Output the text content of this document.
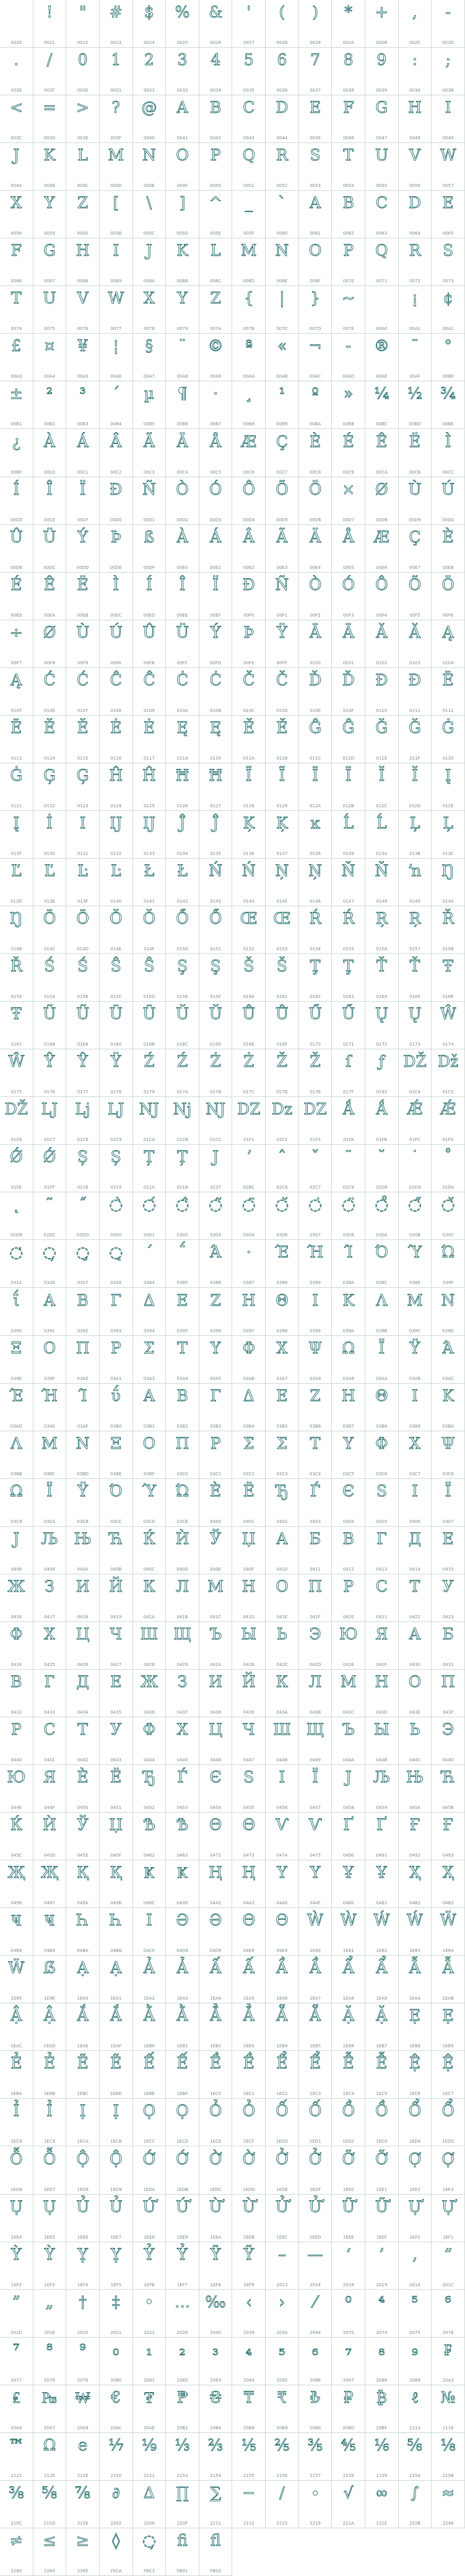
0020
!
0021
"
0022
#
0023
$
0024
%
0025
&
0026
'
0027
(
0028
)
0029
*
002A
+
002B
,
002C
-
002D
.
002E
/
002F
0
0030
1
0031
2
0032
3
0033
4
0034
5
0035
6
0036
7
0037
8
0038
9
0039
:
003A
;
003B
<
003C
=
003D
>
003E
?
003F
@
0040
A
0041
B
0042
C
0043
D
0044
E
0045
F
0046
G
0047
H
0048
I
0049
J
004A
K
004B
L
004C
M
004D
N
004E
O
004F
P
0050
Q
0051
R
0052
S
0053
T
0054
U
0055
V
0056
W
0057
X
0058
Y
0059
Z
005A
[
005B
\
005C
]
005D
^
005E
_
005F
`
0060
A
0061
B
0062
C
0063
D
0064
E
0065
F
0066
G
0067
H
0068
I
0069
J
006A
K
006B
L
006C
M
006D
N
006E
O
006F
P
0070
Q
0071
R
0072
S
0073
T
0074
U
0075
V
0076
W
0077
X
0078
Y
0079
Z
007A
{
007B
|
007C
}
007D
~
007E	00A0
¡
00A1
¢
00A2
£
00A3
¤
00A4
¥
00A5
¦
00A6
§
00A7
¨
00A8
©
00A9
ª
00AA
«
00AB
¬
00AC
-
00AD
®
00AE
¯
00AF
°
00B0
±
00B1
²
00B2
³
00B3
´
00B4
µ
00B5
¶
00B6
·
00B7
¸
00B8
¹
00B9
º
00BA
»
00BB
¼
00BC
½
00BD
¾
00BE
¿
00BF
À
00C0
Á
00C1
Â
00C2
Ã
00C3
Ä
00C4
Å
00C5
Æ
00C6
Ç
00C7
È
00C8
É
00C9
Ê
00CA
Ë
00CB
Ì
00CC
Í
00CD
Î
00CE
Ï
00CF
Ð
00D0
Ñ
00D1
Ò
00D2
Ó
00D3
Ô
00D4
Õ
00D5
Ö
00D6
×
00D7
Ø
00D8
Ù
00D9
Ú
00DA
Û
00DB
Ü
00DC
Ý
00DD
Þ
00DE
ß
00DF
À
00E0
Á
00E1
Â
00E2
Ã
00E3
Ä
00E4
Å
00E5
Æ
00E6
Ç
00E7
È
00E8
É
00E9
Ê
00EA
Ë
00EB
Ì
00EC
Í
00ED
Î
00EE
Ï
00EF
Ð
00F0
Ñ
00F1
Ò
00F2
Ó
00F3
Ô
00F4
Õ
00F5
Ö
00F6
÷
00F7
Ø
00F8
Ù
00F9
Ú
00FA
Û
00FB
Ü
00FC
Ý
00FD
Þ
00FE
Ÿ
00FF
Ā
0100
Ā
0101
Ă
0102
Ă
0103
Ą
0104
Ą
0105
Ć
0106
Ć
0107
Ĉ
0108
Ĉ
0109
Ċ
010A
Ċ
010B
Č
010C
Č
010D
Ď
010E
Ď
010F
Đ
0110
Đ
0111
Ē
0112
Ē
0113
Ĕ
0114
Ĕ
0115
Ė
0116
Ė
0117
Ę
0118
Ę
0119
Ě
011A
Ě
011B
Ĝ
011C
Ĝ
011D
Ğ
011E
Ğ
011F
Ġ
0120
Ġ
0121
Ģ
0122
Ģ
0123
Ĥ
0124
Ĥ
0125
Ħ
0126
Ħ
0127
Ĩ
0128
Ĩ
0129
Ī
012A
Ī
012B
Ĭ
012C
Ĭ
012D
Į
012E
Į
012F
İ
0130
I
0131
Ĳ
0132
Ĳ
0133
Ĵ
0134
Ĵ
0135
Ķ
0136
Ķ
0137
ĸ
0138
Ĺ
0139
Ĺ
013A
Ļ
013B
Ļ
013C
Ľ
013D
Ľ
013E
Ŀ
013F
Ŀ
0140
Ł
0141
Ł
0142
Ń
0143
Ń
0144
Ņ
0145
Ņ
0146
Ň
0147
Ň
0148
ŉ
0149
Ŋ
014A
Ŋ
014B
Ō
014C
Ō
014D
Ŏ
014E
Ŏ
014F
Ő
0150
Ő
0151
Œ
0152
Œ
0153
Ŕ
0154
Ŕ
0155
Ŗ
0156
Ŗ
0157
Ř
0158
Ř
0159
Ś
015A
Ś
015B
Ŝ
015C
Ŝ
015D
Ş
015E
Ş
015F
Š
0160
Š
0161
Ţ
0162
Ţ
0163
Ť
0164
Ť
0165
Ŧ
0166
Ŧ
0167
Ũ
0168
Ũ
0169
Ū
016A
Ū
016B
Ŭ
016C
Ŭ
016D
Ů
016E
Ů
016F
Ű
0170
Ű
0171
Ų
0172
Ų
0173
Ŵ
0174
Ŵ
0175
Ŷ
0176
Ŷ
0177
Ÿ
0178
Ź
0179
Ź
017A
Ż
017B
Ż
017C
Ž
017D
Ž
017E
ſ
017F
ƒ
0192
Ǆ
01C4
ǅ
01C5
Ǆ
01C6
Ǉ
01C7
ǈ
01C8
Ǉ
01C9
Ǌ
01CA
ǋ
01CB
Ǌ
01CC
Ǳ
01F1
ǲ
01F2
Ǳ
01F3
Ǻ
01FA
Ǻ
01FB
Ǽ
01FC
Ǽ
01FD
Ǿ
01FE
Ǿ
01FF
Ș
0218
Ș
0219
Ț
021A
Ț
021B
J
0237
ʼ
02BC
ˆ
02C6
ˇ
02C7
ˉ
02C9
˘
02D8
˙
02D9
˚
02DA
˛
02DB
˜
02DC
˝
02DD
◌̀
0300
◌́
0301
◌̂
0302
◌̃
0303
◌̄
0304
◌̆
0306
◌̇
0307
◌̈
0308
◌̊
030A
◌̋
030B
◌̌
030C
◌̒
0312
◌̦
0326
◌̧
0327
◌̨
0328
΄
0384
΅
0385
Ά
0386
·
0387
Έ
0388
Ή
0389
Ί
038A
Ό
038C
Ύ
038E
Ώ
038F
ΐ
0390
Α
0391
Β
0392
Γ
0393
Δ
0394
Ε
0395
Ζ
0396
Η
0397
Θ
0398
Ι
0399
Κ
039A
Λ
039B
Μ
039C
Ν
039D
Ξ
039E
Ο
039F
Π
03A0
Ρ
03A1
Σ
03A3
Τ
03A4
Υ
03A5
Φ
03A6
Χ
03A7
Ψ
03A8
Ω
03A9
Ϊ
03AA
Ϋ
03AB
Ά
03AC
Έ
03AD
Ή
03AE
Ί
03AF
ΰ
03B0
Α
03B1
Β
03B2
Γ
03B3
Δ
03B4
Ε
03B5
Ζ
03B6
Η
03B7
Θ
03B8
Ι
03B9
Κ
03BA
Λ
03BB
Μ
03BC
Ν
03BD
Ξ
03BE
Ο
03BF
Π
03C0
Ρ
03C1
Σ
03C2
Σ
03C3
Τ
03C4
Υ
03C5
Φ
03C6
Χ
03C7
Ψ
03C8
Ω
03C9
Ϊ
03CA
Ϋ
03CB
Ό
03CC
Ύ
03CD
Ώ
03CE
Ѐ
0400
Ё
0401
Ђ
0402
Ѓ
0403
Є
0404
Ѕ
0405
І
0406
Ї
0407
Ј
0408
Љ
0409
Њ
040A
Ћ
040B
Ќ
040C
Ѝ
040D
Ў
040E
Џ
040F
А
0410
Б
0411
В
0412
Г
0413
Д
0414
Е
0415
Ж
0416
З
0417
И
0418
Й
0419
К
041A
Л
041B
М
041C
Н
041D
О
041E
П
041F
Р
0420
С
0421
Т
0422
У
0423
Ф
0424
Х
0425
Ц
0426
Ч
0427
Ш
0428
Щ
0429
Ъ
042A
Ы
042B
Ь
042C
Э
042D
Ю
042E
Я
042F
А
0430
Б
0431
В
0432
Г
0433
Д
0434
Е
0435
Ж
0436
З
0437
И
0438
Й
0439
К
043A
Л
043B
М
043C
Н
043D
О
043E
П
043F
Р
0440
С
0441
Т
0442
У
0443
Ф
0444
Х
0445
Ц
0446
Ч
0447
Ш
0448
Щ
0449
Ъ
044A
Ы
044B
Ь
044C
Э
044D
Ю
044E
Я
044F
Ѐ
0450
Ё
0451
Ђ
0452
Ѓ
0453
Є
0454
Ѕ
0455
І
0456
Ї
0457
Ј
0458
Љ
0459
Њ
045A
Ћ
045B
Ќ
045C
Ѝ
045D
Ў
045E
Џ
045F
Ѣ
0462
Ѣ
0463
Ѳ
0472
Ѳ
0473
Ѵ
0474
Ѵ
0475
Ґ
0490
Ґ
0491
Ғ
0492
Ғ
0493
Җ
0496
Җ
0497
Қ
049A
Қ
049B
Ҝ
049C
Ҝ
049D
Ң
04A2
Ң
04A3
Ү
04AE
Ү
04AF
Ұ
04B0
Ұ
04B1
Ҳ
04B2
Ҳ
04B3
Ҹ
04B8
Ҹ
04B9
Һ
04BA
Һ
04BB
Ӏ
04C0
Ә
04D8
Ә
04D9
Ө
04E8
Ө
04E9
Ẁ
1E80
Ẁ
1E81
Ẃ
1E82
Ẃ
1E83
Ẅ
1E84
Ẅ
1E85
ẞ
1E9E
Ạ
1EA0
Ạ
1EA1
Ả
1EA2
Ả
1EA3
Ấ
1EA4
Ấ
1EA5
Ầ
1EA6
Ầ
1EA7
Ẩ
1EA8
Ẩ
1EA9
Ẫ
1EAA
Ẫ
1EAB
Ậ
1EAC
Ậ
1EAD
Ắ
1EAE
Ắ
1EAF
Ằ
1EB0
Ằ
1EB1
Ẳ
1EB2
Ẳ
1EB3
Ẵ
1EB4
Ẵ
1EB5
Ặ
1EB6
Ặ
1EB7
Ẹ
1EB8
Ẹ
1EB9
Ẻ
1EBA
Ẻ
1EBB
Ẽ
1EBC
Ẽ
1EBD
Ế
1EBE
Ế
1EBF
Ề
1EC0
Ề
1EC1
Ể
1EC2
Ể
1EC3
Ễ
1EC4
Ễ
1EC5
Ệ
1EC6
Ệ
1EC7
Ỉ
1EC8
Ỉ
1EC9
Ị
1ECA
Ị
1ECB
Ọ
1ECC
Ọ
1ECD
Ỏ
1ECE
Ỏ
1ECF
Ố
1ED0
Ố
1ED1
Ồ
1ED2
Ồ
1ED3
Ổ
1ED4
Ổ
1ED5
Ỗ
1ED6
Ỗ
1ED7
Ộ
1ED8
Ộ
1ED9
Ớ
1EDA
Ớ
1EDB
Ờ
1EDC
Ờ
1EDD
Ở
1EDE
Ở
1EDF
Ỡ
1EE0
Ỡ
1EE1
Ợ
1EE2
Ợ
1EE3
Ụ
1EE4
Ụ
1EE5
Ủ
1EE6
Ủ
1EE7
Ứ
1EE8
Ứ
1EE9
Ừ
1EEA
Ừ
1EEB
Ử
1EEC
Ử
1EED
Ữ
1EEE
Ữ
1EEF
Ự
1EF0
Ự
1EF1
Ỳ
1EF2
Ỳ
1EF3
Ỵ
1EF4
Ỵ
1EF5
Ỷ
1EF6
Ỷ
1EF7
Ỹ
1EF8
Ỹ
1EF9
–
2013
—
2014
‘
2018
’
2019
‚
201A
“
201C
”
201D
„
201E
†
2020
‡
2021
•
2022
…
2026
‰
2030
‹
2039
›
203A
⁄
2044
⁰
2070
⁴
2074
⁵
2075
⁶
2076
⁷
2077
⁸
2078
⁹
2079
₀
2080
₁
2081
₂
2082
₃
2083
₄
2084
₅
2085
₆
2086
₇
2087
₈
2088
₉
2089
₣
20A3
₤
20A4
₧
20A7
₩
20A9
€
20AC
₮
20AE
₱
20B1
₴
20B4
₸
20B8
₹
20B9
₺
20BA
₽
20BD
₿
20BF
ℓ
2113
№
2116
™
2122
Ω
2126
℮
212E
⅐
2150
⅑
2151
⅓
2153
⅔
2154
⅕
2155
⅖
2156
⅗
2157
⅘
2158
⅙
2159
⅚
215A
⅛
215B
⅜
215C
⅝
215D
⅞
215E
∂
2202
∆
2206
∏
220F
∑
2211
−
2212
∕
2215
∙
2219
√
221A
∞
221E
∫
222B
≈
2248
≠
2260
≤
2264
≥
2265
◊
25CA
◌̦
F6C3
ﬁ
FB01
ﬂ
FB02
